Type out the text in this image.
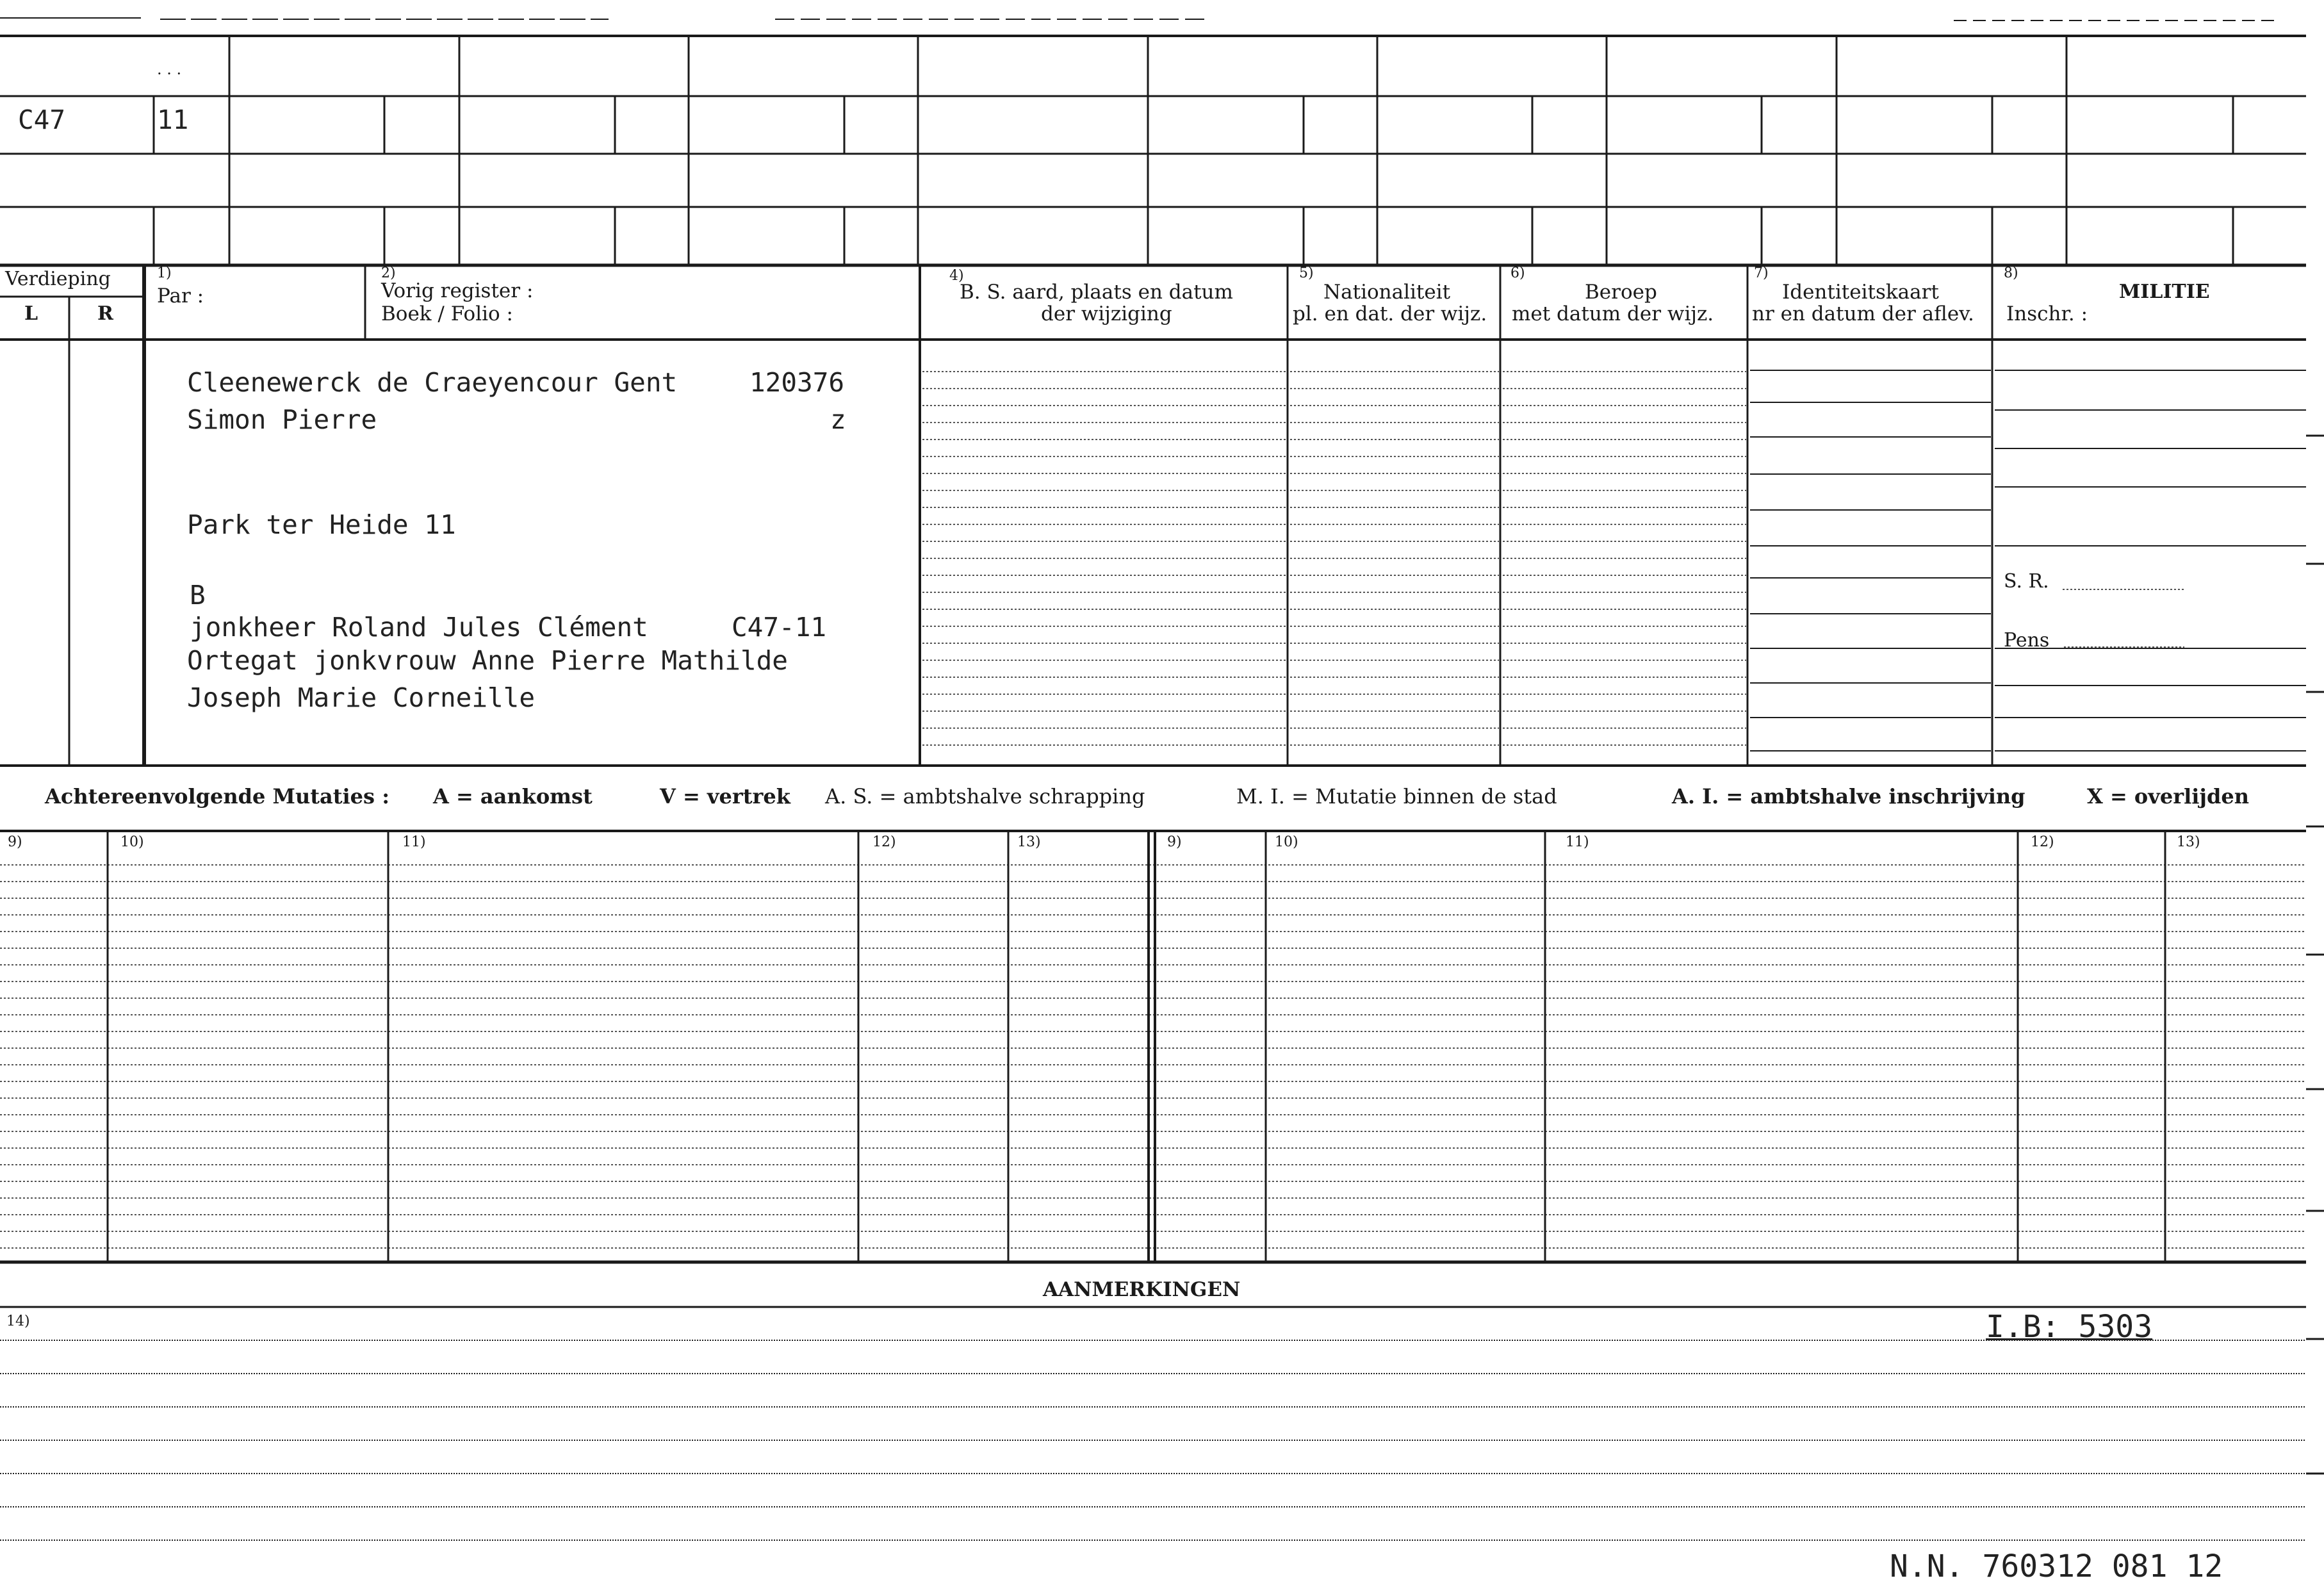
C47	11
. . .
Verdieping
L	R
1)
Par :
2)
Vorig register :
Boek / Folio :
4)
B. S. aard, plaats en datum
der wijziging
5)
Nationaliteit
pl. en dat. der wijz.
6)
Beroep
met datum der wijz.
7)
Identiteitskaart
nr en datum der aflev.
8)
MILITIE
Inschr. :
S. R.
Pens
Cleenewerck de Craeyencour Gent	120376
Simon Pierre	z
Park ter Heide 11
B
jonkheer Roland Jules Clément	C47-11
Ortegat jonkvrouw Anne Pierre Mathilde
Joseph Marie Corneille
Achtereenvolgende Mutaties : A = aankomst	V = vertrek A. S. = ambtshalve schrapping	M. I. = Mutatie binnen de stad	A. I. = ambtshalve inschrijving	X = overlijden
9)	10)	11)	12)	13)	9)	10)	11)	12)	13)
AANMERKINGEN
14)	I.B: 5303
N.N. 760312 081 12
